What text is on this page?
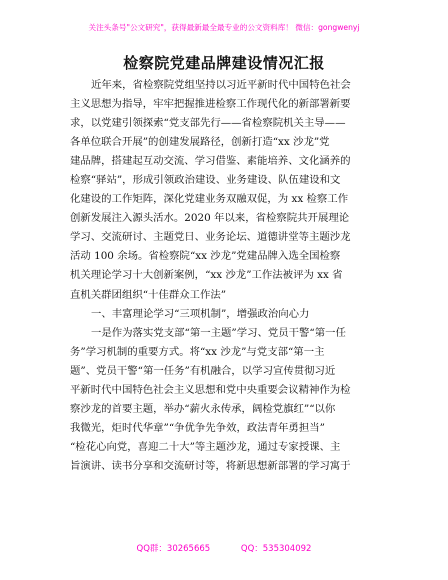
关注头条号"公文研究"，获得最新最全最专业的公文资料库！ 微信：gongwenyj
检察院党建品牌建设情况汇报
近年来，省检察院党组坚持以习近平新时代中国特色社会
主义思想为指导，牢牢把握推进检察工作现代化的新部署新要
求，以党建引领探索“党支部先行——省检察院机关主导——
各单位联合开展”的创建发展路径，创新打造“xx 沙龙”党
建品牌，搭建起互动交流、学习借鉴、素能培养、文化涵养的
检察“驿站”，形成引领政治建设、业务建设、队伍建设和文
化建设的工作矩阵，深化党建业务双融双促，为 xx 检察工作
创新发展注入源头活水。2020 年以来，省检察院共开展理论
学习、交流研讨、主题党日、业务论坛、道德讲堂等主题沙龙
活动 100 余场。省检察院“xx 沙龙”党建品牌入选全国检察
机关理论学习十大创新案例，“xx 沙龙”工作法被评为 xx 省
直机关群团组织“十佳群众工作法”
一、丰富理论学习“三项机制”，增强政治向心力
一是作为落实党支部“第一主题”学习、党员干警“第一任
务”学习机制的重要方式。将“xx 沙龙”与党支部“第一主
题”、党员干警“第一任务”有机融合，以学习宣传贯彻习近
平新时代中国特色社会主义思想和党中央重要会议精神作为检
察沙龙的首要主题，举办“薪火永传承，阔检党旗红”“以你
我微光，炬时代华章”“争优争先争效，政法青年勇担当”
“检花心向党，喜迎二十大”等主题沙龙，通过专家授课、主
旨演讲、读书分享和交流研讨等，将新思想新部署的学习寓于
QQ群：30265665	QQ：535304092
